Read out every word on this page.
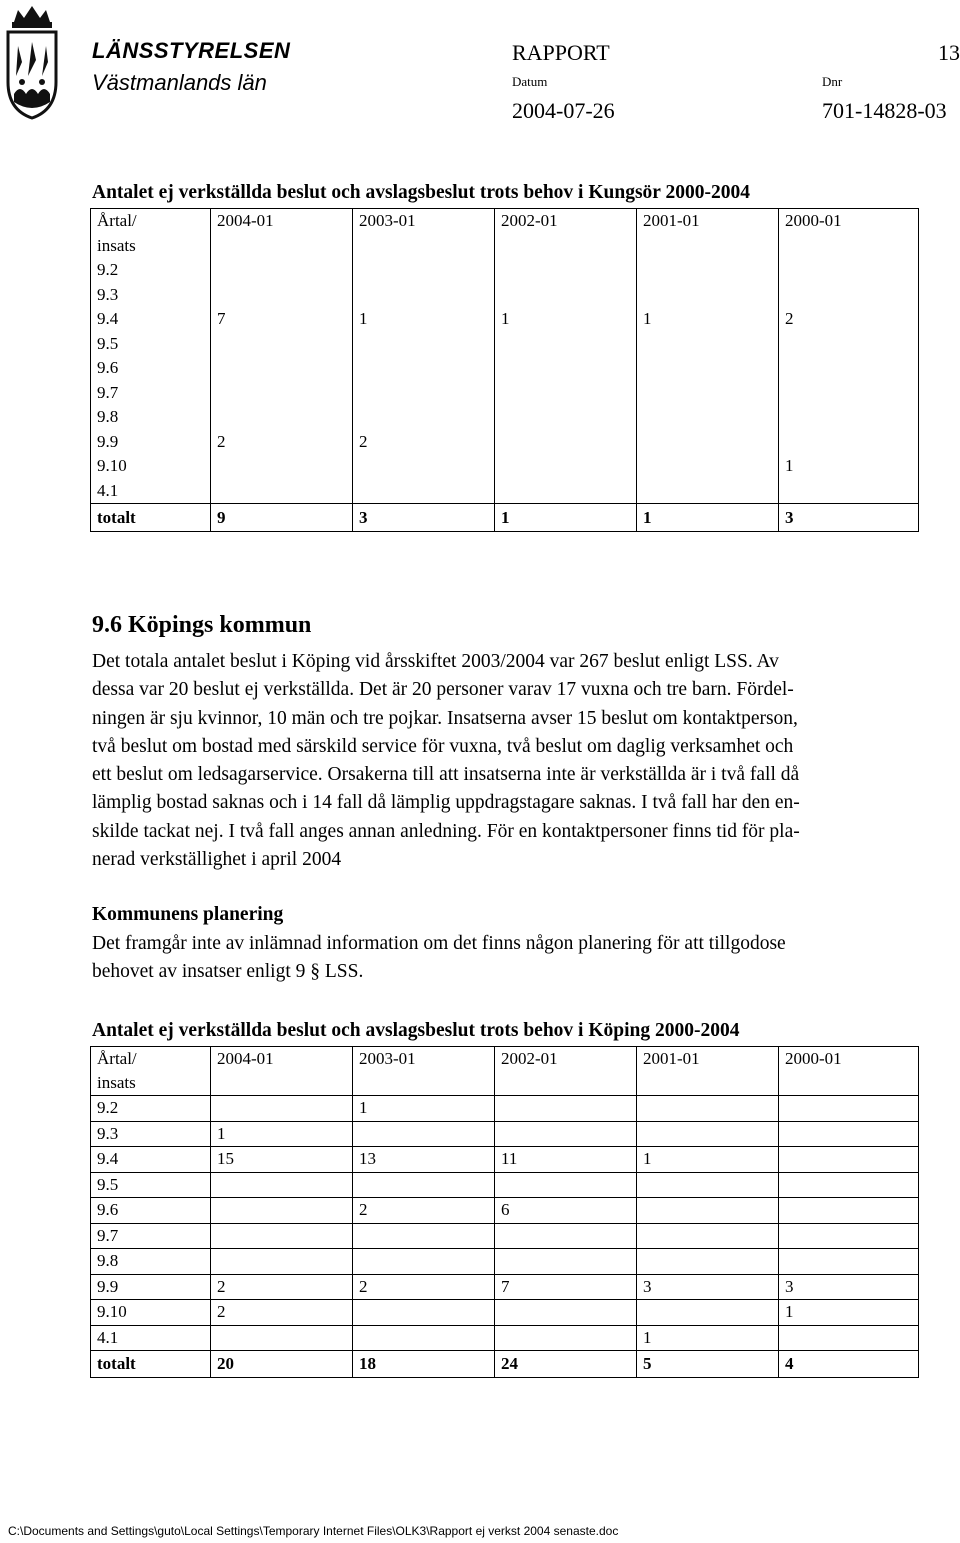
LÄNSSTYRELSEN
Västmanlands län
RAPPORT	13
Datum	Dnr
2004-07-26	701-14828-03
Antalet ej verkställda beslut och avslagsbeslut trots behov i Kungsör 2000-2004
Årtal/
insats	2004-01	2003-01	2002-01	2001-01	2000-01
9.2					
9.3					
9.4	7	1	1	1	2
9.5					
9.6					
9.7					
9.8					
9.9	2	2			
9.10					1
4.1					
totalt	9	3	1	1	3
9.6 Köpings kommun
Det totala antalet beslut i Köping vid årsskiftet 2003/2004 var 267 beslut enligt LSS. Av
dessa var 20 beslut ej verkställda. Det är 20 personer varav 17 vuxna och tre barn. Fördel-
ningen är sju kvinnor, 10 män och tre pojkar. Insatserna avser 15 beslut om kontaktperson,
två beslut om bostad med särskild service för vuxna, två beslut om daglig verksamhet och
ett beslut om ledsagarservice. Orsakerna till att insatserna inte är verkställda är i två fall då
lämplig bostad saknas och i 14 fall då lämplig uppdragstagare saknas. I två fall har den en-
skilde tackat nej. I två fall anges annan anledning. För en kontaktpersoner finns tid för pla-
nerad verkställighet i april 2004
Kommunens planering
Det framgår inte av inlämnad information om det finns någon planering för att tillgodose
behovet av insatser enligt 9 § LSS.
Antalet ej verkställda beslut och avslagsbeslut trots behov i Köping 2000-2004
Årtal/
insats	2004-01	2003-01	2002-01	2001-01	2000-01
9.2		1			
9.3	1				
9.4	15	13	11	1	
9.5					
9.6		2	6		
9.7					
9.8					
9.9	2	2	7	3	3
9.10	2				1
4.1				1	
totalt	20	18	24	5	4
C:\Documents and Settings\guto\Local Settings\Temporary Internet Files\OLK3\Rapport ej verkst 2004 senaste.doc
